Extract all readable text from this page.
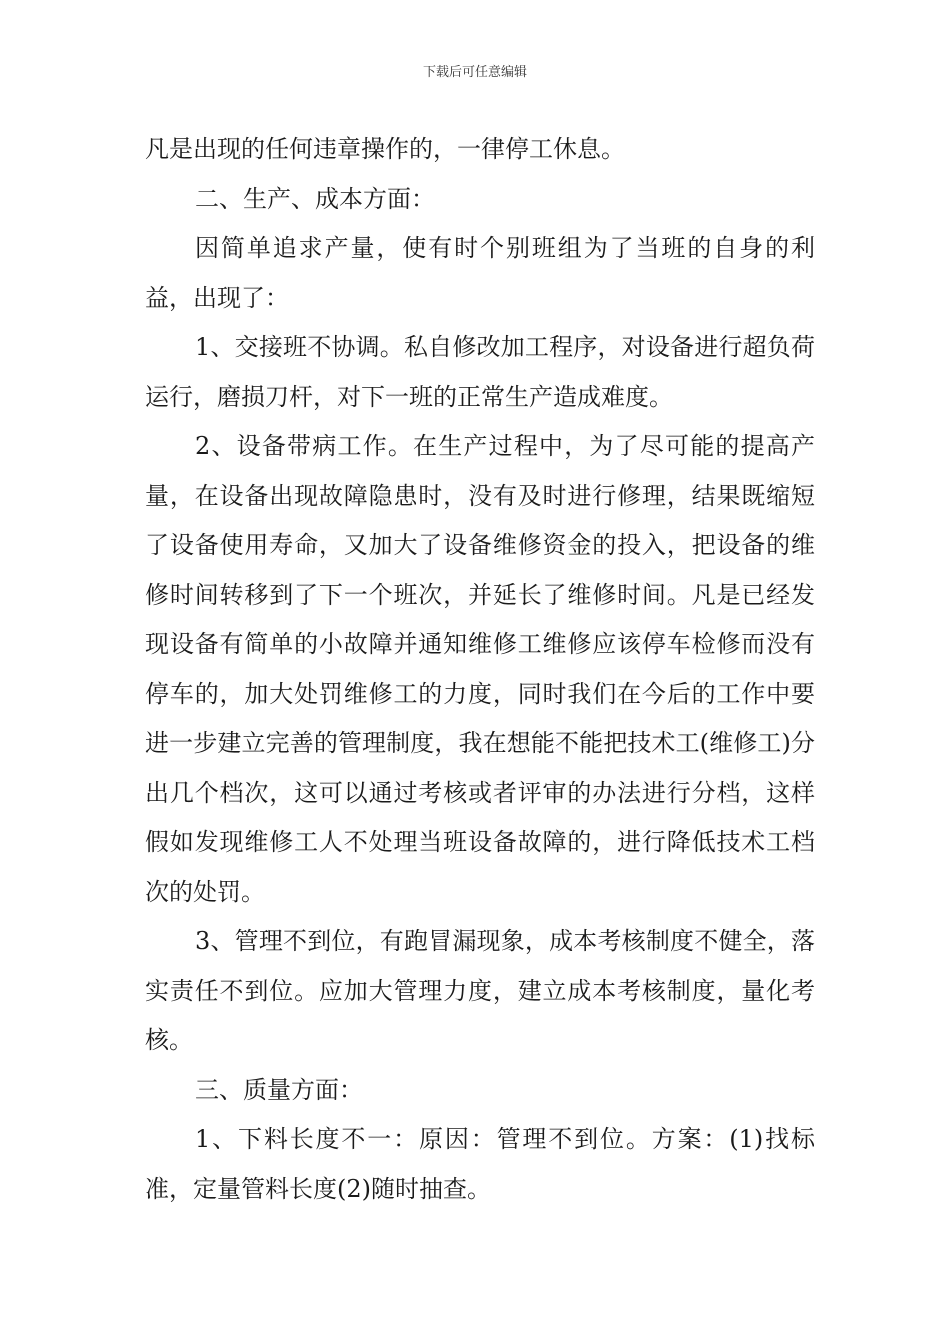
下载后可任意编辑

凡是出现的任何违章操作的，一律停工休息。

二、生产、成本方面：

因简单追求产量，使有时个别班组为了当班的自身的利益，出现了：

1、交接班不协调。私自修改加工程序，对设备进行超负荷运行，磨损刀杆，对下一班的正常生产造成难度。

2、设备带病工作。在生产过程中，为了尽可能的提高产量，在设备出现故障隐患时，没有及时进行修理，结果既缩短了设备使用寿命，又加大了设备维修资金的投入，把设备的维修时间转移到了下一个班次，并延长了维修时间。凡是已经发现设备有简单的小故障并通知维修工维修应该停车检修而没有停车的，加大处罚维修工的力度，同时我们在今后的工作中要进一步建立完善的管理制度，我在想能不能把技术工(维修工)分出几个档次，这可以通过考核或者评审的办法进行分档，这样假如发现维修工人不处理当班设备故障的，进行降低技术工档次的处罚。

3、管理不到位，有跑冒漏现象，成本考核制度不健全，落实责任不到位。应加大管理力度，建立成本考核制度，量化考核。

三、质量方面：

1、下料长度不一：原因：管理不到位。方案：(1)找标准，定量管料长度(2)随时抽查。
